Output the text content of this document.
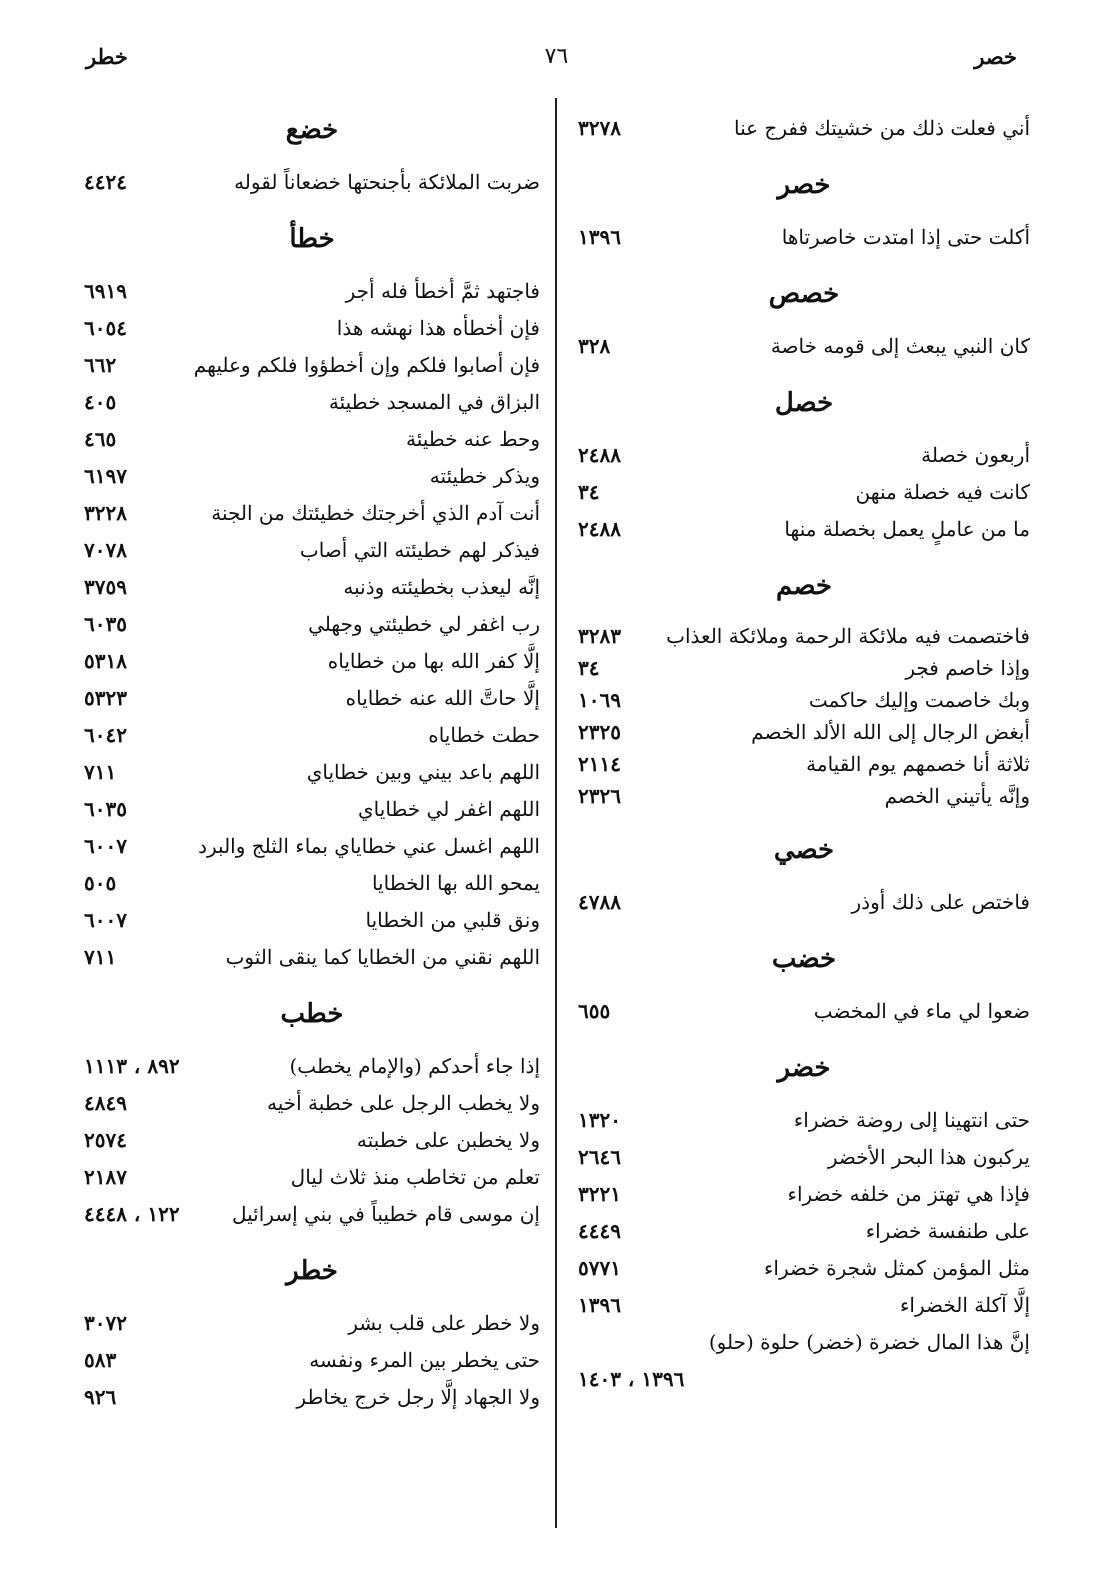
خصر
٧٦
خطر
أني فعلت ذلك من خشيتك ففرج عنا
٣٢٧٨
خصر
أكلت حتى إذا امتدت خاصرتاها
١٣٩٦
خصص
كان النبي يبعث إلى قومه خاصة
٣٢٨
خصل
أربعون خصلة
٢٤٨٨
كانت فيه خصلة منهن
٣٤
ما من عاملٍ يعمل بخصلة منها
٢٤٨٨
خصم
فاختصمت فيه ملائكة الرحمة وملائكة العذاب
٣٢٨٣
وإذا خاصم فجر
٣٤
وبك خاصمت وإليك حاكمت
١٠٦٩
أبغض الرجال إلى الله الألد الخصم
٢٣٢٥
ثلاثة أنا خصمهم يوم القيامة
٢١١٤
وإنَّه يأتيني الخصم
٢٣٢٦
خصي
فاختص على ذلك أوذر
٤٧٨٨
خضب
ضعوا لي ماء في المخضب
٦٥٥
خضر
حتى انتهينا إلى روضة خضراء
١٣٢٠
يركبون هذا البحر الأخضر
٢٦٤٦
فإذا هي تهتز من خلفه خضراء
٣٢٢١
على طنفسة خضراء
٤٤٤٩
مثل المؤمن كمثل شجرة خضراء
٥٧٧١
إلَّا آكلة الخضراء
١٣٩٦
إنَّ هذا المال خضرة (خضر) حلوة (حلو)
١٣٩٦ ، ١٤٠٣
خضع
ضربت الملائكة بأجنحتها خضعاناً لقوله
٤٤٢٤
خطأ
فاجتهد ثمَّ أخطأ فله أجر
٦٩١٩
فإن أخطأه هذا نهشه هذا
٦٠٥٤
فإن أصابوا فلكم وإن أخطؤوا فلكم وعليهم
٦٦٢
البزاق في المسجد خطيئة
٤٠٥
وحط عنه خطيئة
٤٦٥
ويذكر خطيئته
٦١٩٧
أنت آدم الذي أخرجتك خطيئتك من الجنة
٣٢٢٨
فيذكر لهم خطيئته التي أصاب
٧٠٧٨
إنَّه ليعذب بخطيئته وذنبه
٣٧٥٩
رب اغفر لي خطيئتي وجهلي
٦٠٣٥
إلَّا كفر الله بها من خطاياه
٥٣١٨
إلَّا حاتَّ الله عنه خطاياه
٥٣٢٣
حطت خطاياه
٦٠٤٢
اللهم باعد بيني وبين خطاياي
٧١١
اللهم اغفر لي خطاياي
٦٠٣٥
اللهم اغسل عني خطاياي بماء الثلج والبرد
٦٠٠٧
يمحو الله بها الخطايا
٥٠٥
ونق قلبي من الخطايا
٦٠٠٧
اللهم نقني من الخطايا كما ينقى الثوب
٧١١
خطب
إذا جاء أحدكم (والإمام يخطب)
٨٩٢ ، ١١١٣
ولا يخطب الرجل على خطبة أخيه
٤٨٤٩
ولا يخطبن على خطبته
٢٥٧٤
تعلم من تخاطب منذ ثلاث ليال
٢١٨٧
إن موسى قام خطيباً في بني إسرائيل
١٢٢ ، ٤٤٤٨
خطر
ولا خطر على قلب بشر
٣٠٧٢
حتى يخطر بين المرء ونفسه
٥٨٣
ولا الجهاد إلَّا رجل خرج يخاطر
٩٢٦
